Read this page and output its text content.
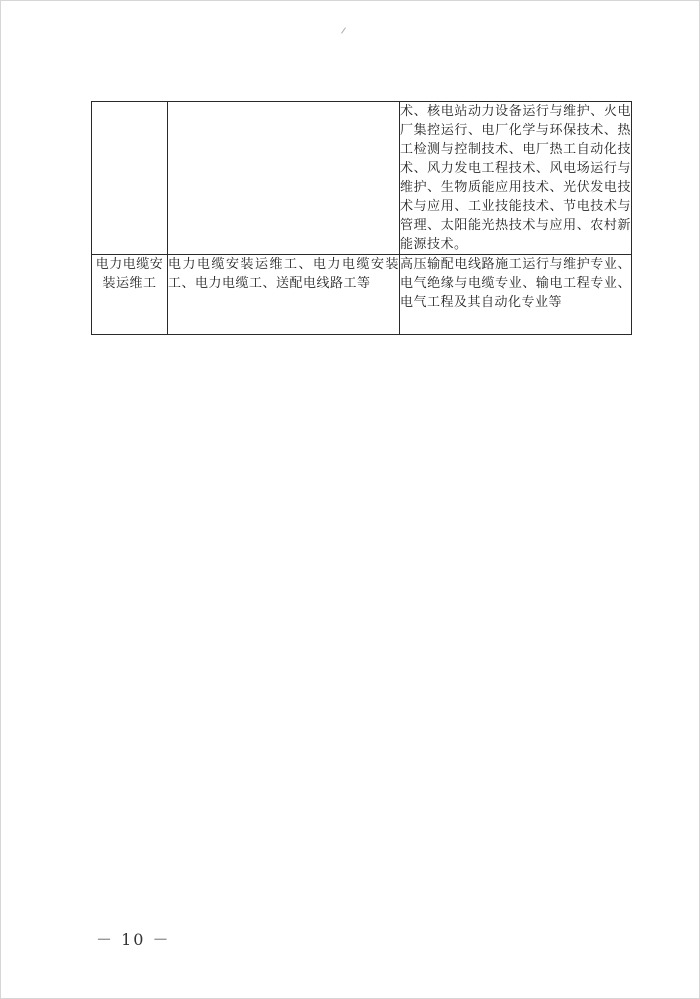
		术、核电站动力设备运行与维护、火电厂集控运行、电厂化学与环保技术、热工检测与控制技术、电厂热工自动化技术、风力发电工程技术、风电场运行与维护、生物质能应用技术、光伏发电技术与应用、工业技能技术、节电技术与管理、太阳能光热技术与应用、农村新能源技术。
电力电缆安装运维工	电力电缆安装运维工、电力电缆安装工、电力电缆工、送配电线路工等	高压输配电线路施工运行与维护专业、电气绝缘与电缆专业、输电工程专业、电气工程及其自动化专业等
－ 10 －
